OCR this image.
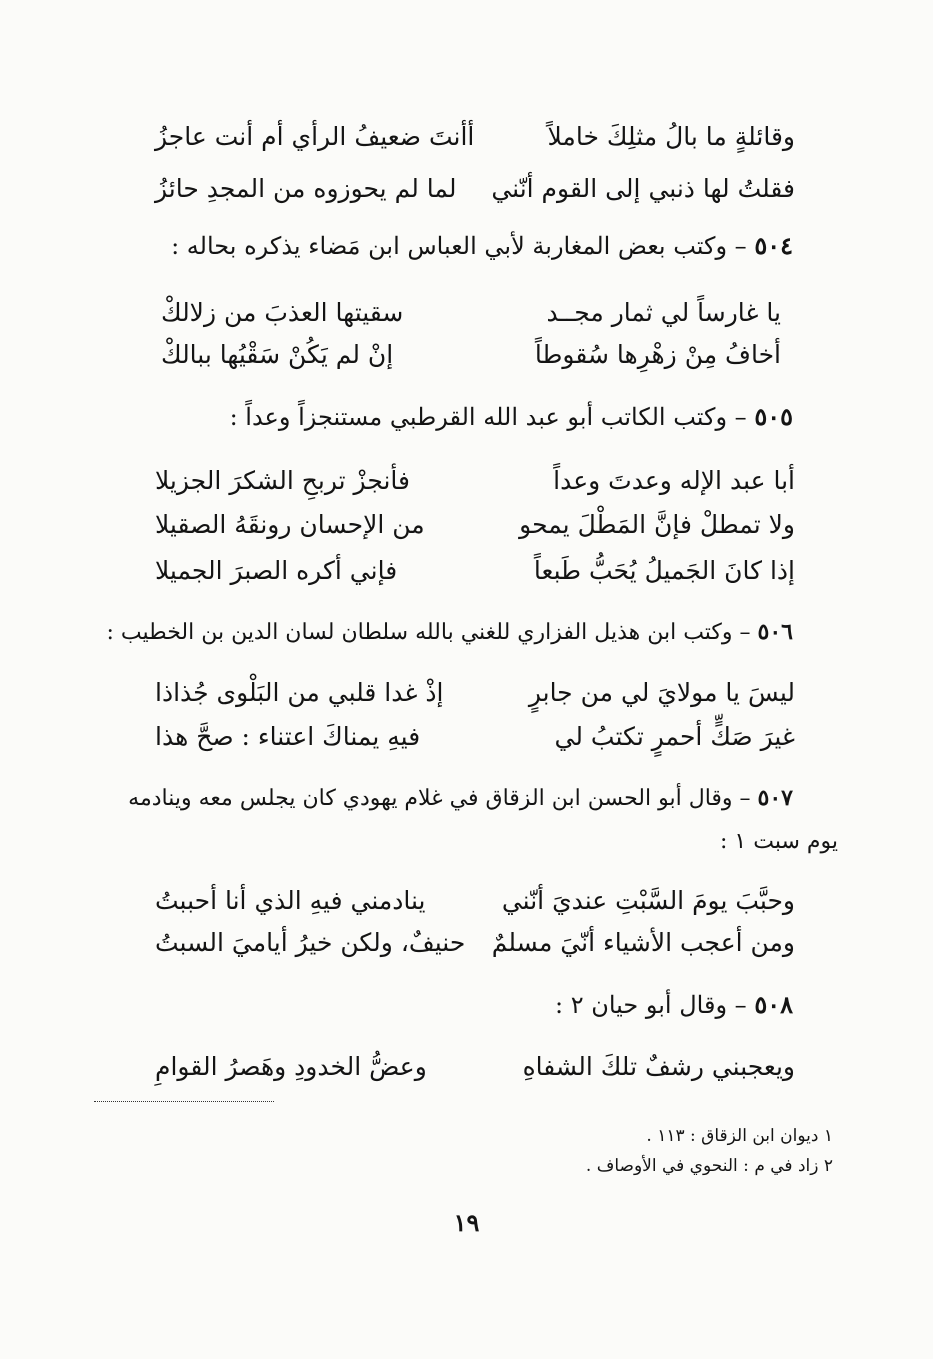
وقائلةٍ ما بالُ مثلِكَ خاملاً
أأنتَ ضعيفُ الرأي أم أنت عاجزُ
فقلتُ لها ذنبي إلى القوم أنّني
لما لم يحوزوه من المجدِ حائزُ
٥٠٤ – وكتب بعض المغاربة لأبي العباس ابن مَضاء يذكره بحاله :
يا غارساً لي ثمار مجــد
سقيتها العذبَ من زلالكْ
أخافُ مِنْ زهْرِها سُقوطاً
إنْ لم يَكُنْ سَقْيُها ببالكْ
٥٠٥ – وكتب الكاتب أبو عبد الله القرطبي مستنجزاً وعداً :
أبا عبد الإله وعدتَ وعداً
فأنجزْ تربحِ الشكرَ الجزيلا
ولا تمطلْ فإنَّ المَطْلَ يمحو
من الإحسان رونقَهُ الصقيلا
إذا كانَ الجَميلُ يُحَبُّ طَبعاً
فإني أكره الصبرَ الجميلا
٥٠٦ – وكتب ابن هذيل الفزاري للغني بالله سلطان لسان الدين بن الخطيب :
ليسَ يا مولايَ لي من جابرٍ
إذْ غدا قلبي من البَلْوى جُذاذا
غيرَ صَكٍّ أحمرٍ تكتبُ لي
فيهِ يمناكَ اعتناء : صحَّ هذا
٥٠٧ – وقال أبو الحسن ابن الزقاق في غلام يهودي كان يجلس معه وينادمه
يوم سبت ١ :
وحبَّبَ يومَ السَّبْتِ عنديَ أنّني
ينادمني فيهِ الذي أنا أحببتُ
ومن أعجب الأشياء أنّيَ مسلمٌ
حنيفٌ، ولكن خيرُ أياميَ السبتُ
٥٠٨ – وقال أبو حيان ٢ :
ويعجبني رشفٌ تلكَ الشفاهِ
وعضُّ الخدودِ وهَصرُ القوامِ
١ ديوان ابن الزقاق : ١١٣ .
٢ زاد في م : النحوي في الأوصاف .
١٩
